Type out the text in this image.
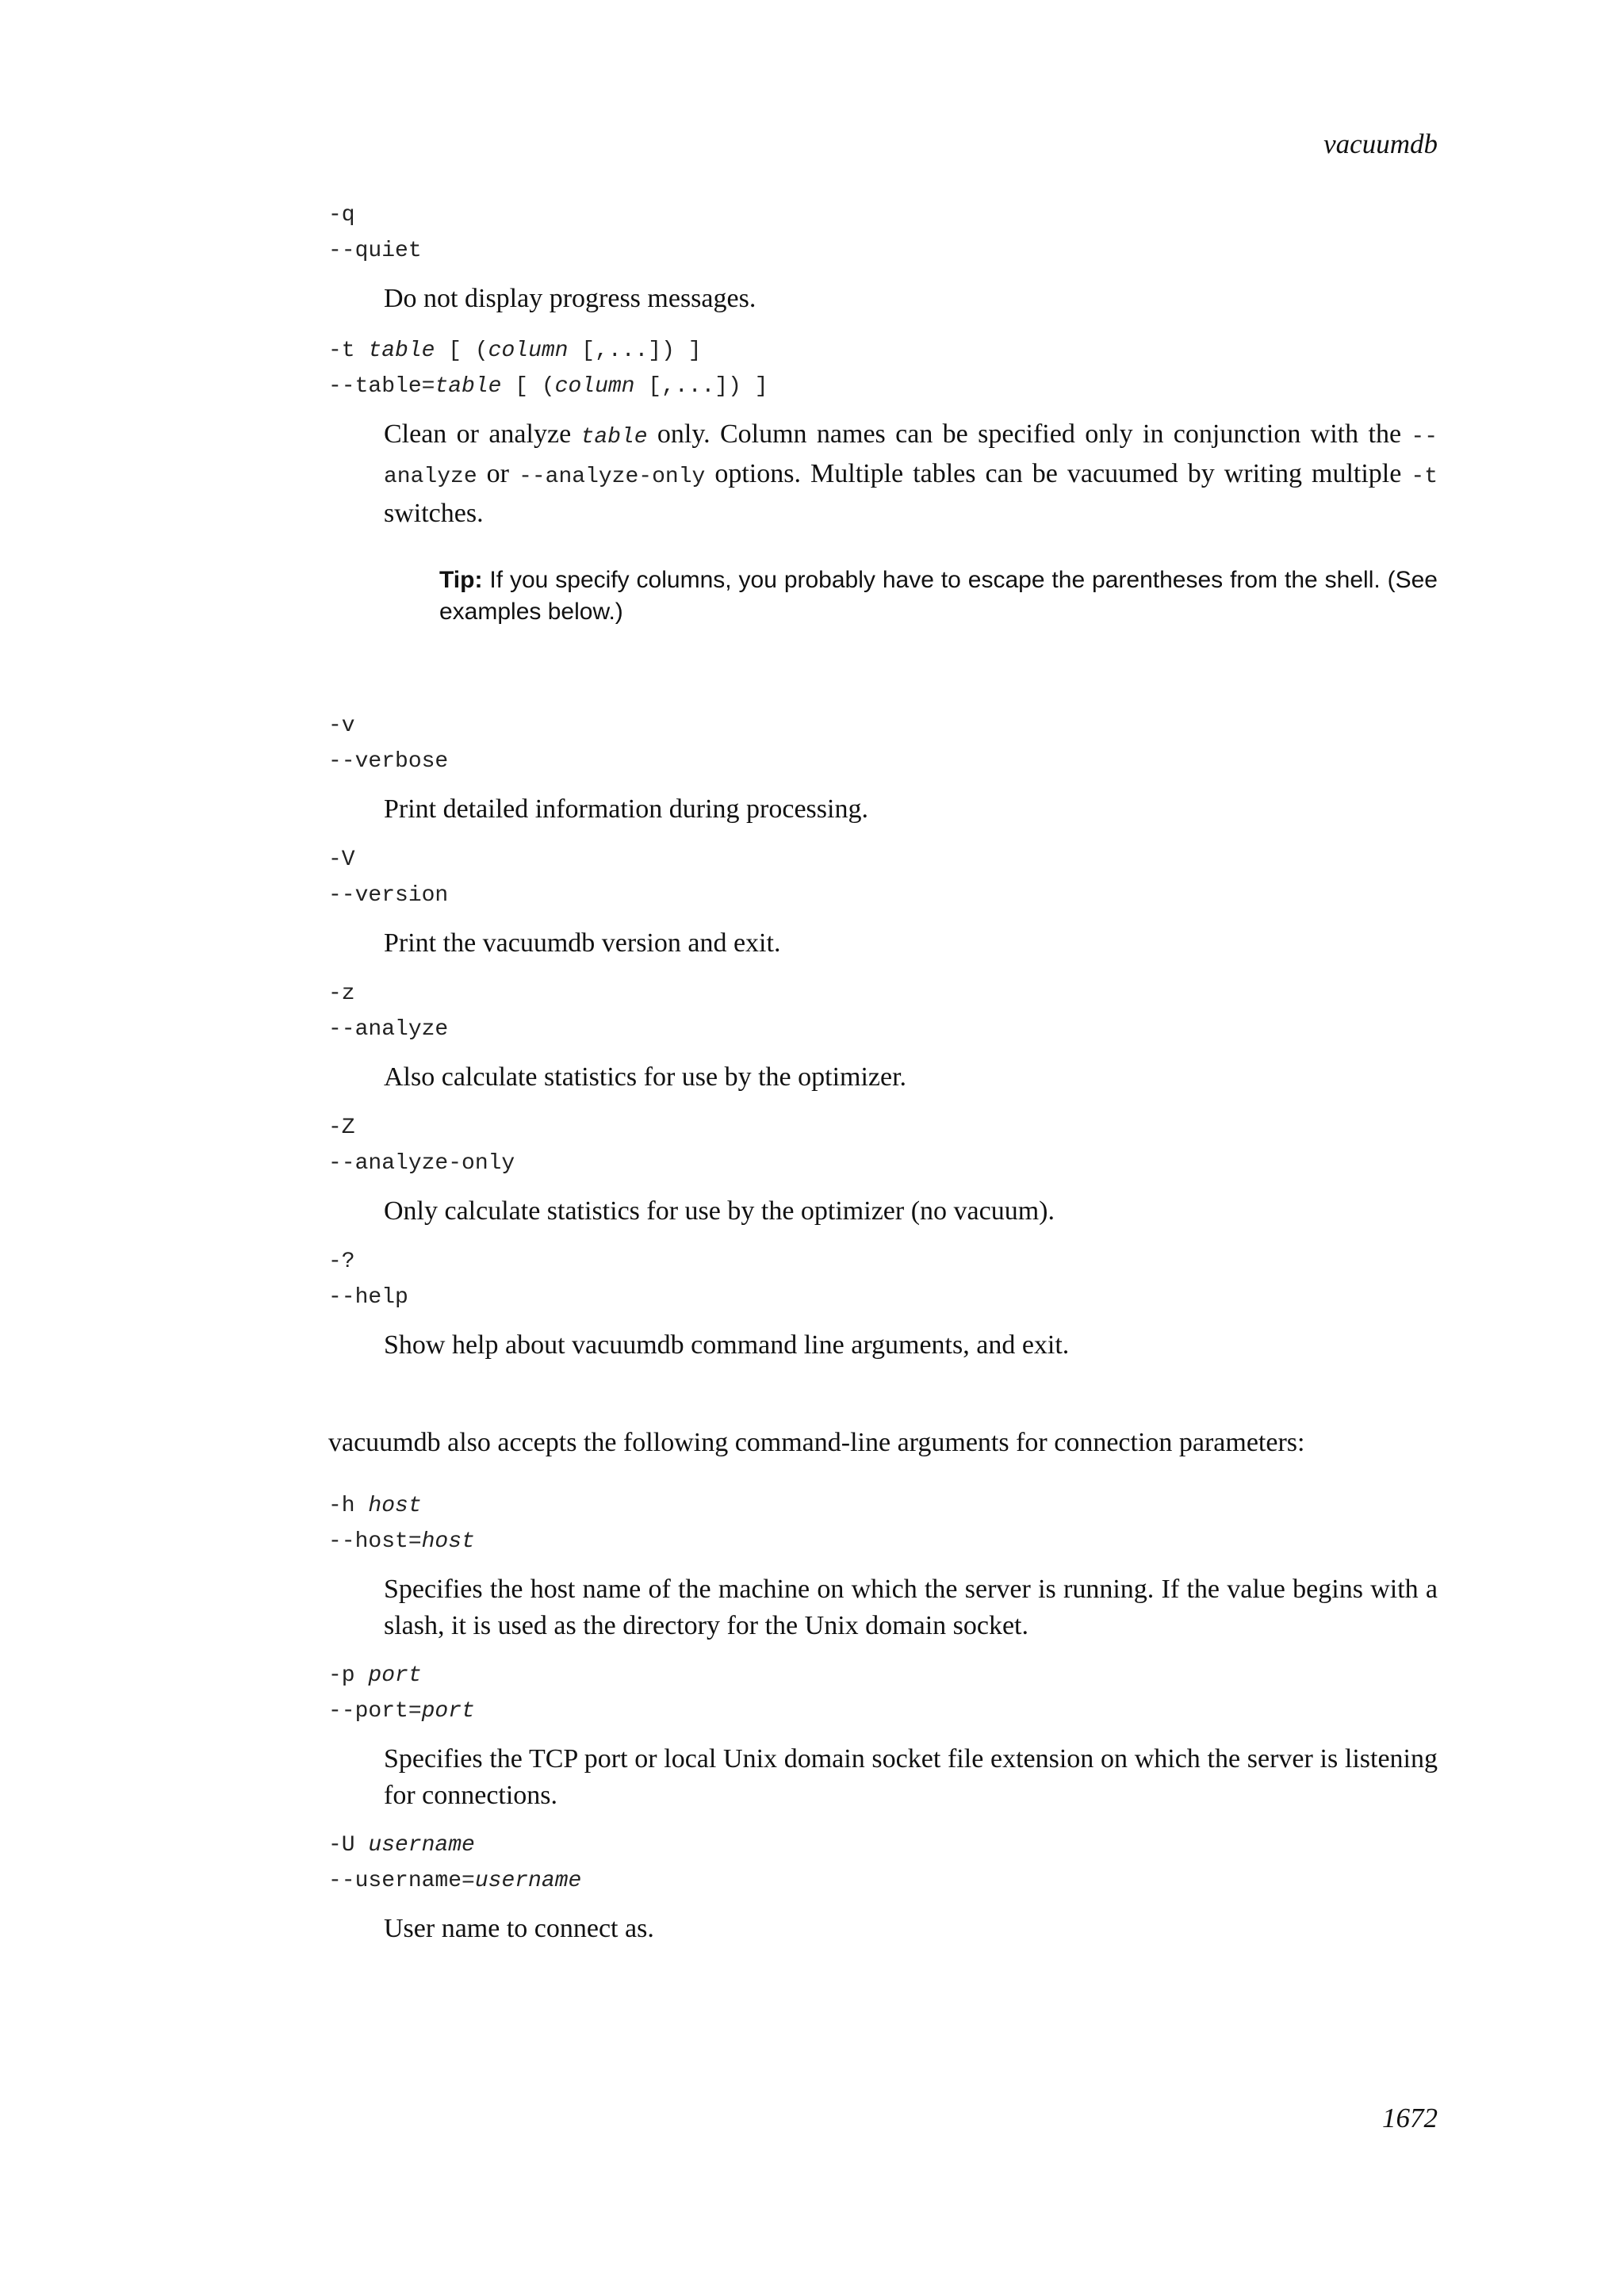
vacuumdb
-q
--quiet
Do not display progress messages.
-t table [ (column [,...]) ]
--table=table [ (column [,...]) ]
Clean or analyze table only. Column names can be specified only in conjunction with the --analyze or --analyze-only options. Multiple tables can be vacuumed by writing multiple -t switches.
Tip: If you specify columns, you probably have to escape the parentheses from the shell. (See examples below.)
-v
--verbose
Print detailed information during processing.
-V
--version
Print the vacuumdb version and exit.
-z
--analyze
Also calculate statistics for use by the optimizer.
-Z
--analyze-only
Only calculate statistics for use by the optimizer (no vacuum).
-?
--help
Show help about vacuumdb command line arguments, and exit.
vacuumdb also accepts the following command-line arguments for connection parameters:
-h host
--host=host
Specifies the host name of the machine on which the server is running. If the value begins with a slash, it is used as the directory for the Unix domain socket.
-p port
--port=port
Specifies the TCP port or local Unix domain socket file extension on which the server is listening for connections.
-U username
--username=username
User name to connect as.
1672
